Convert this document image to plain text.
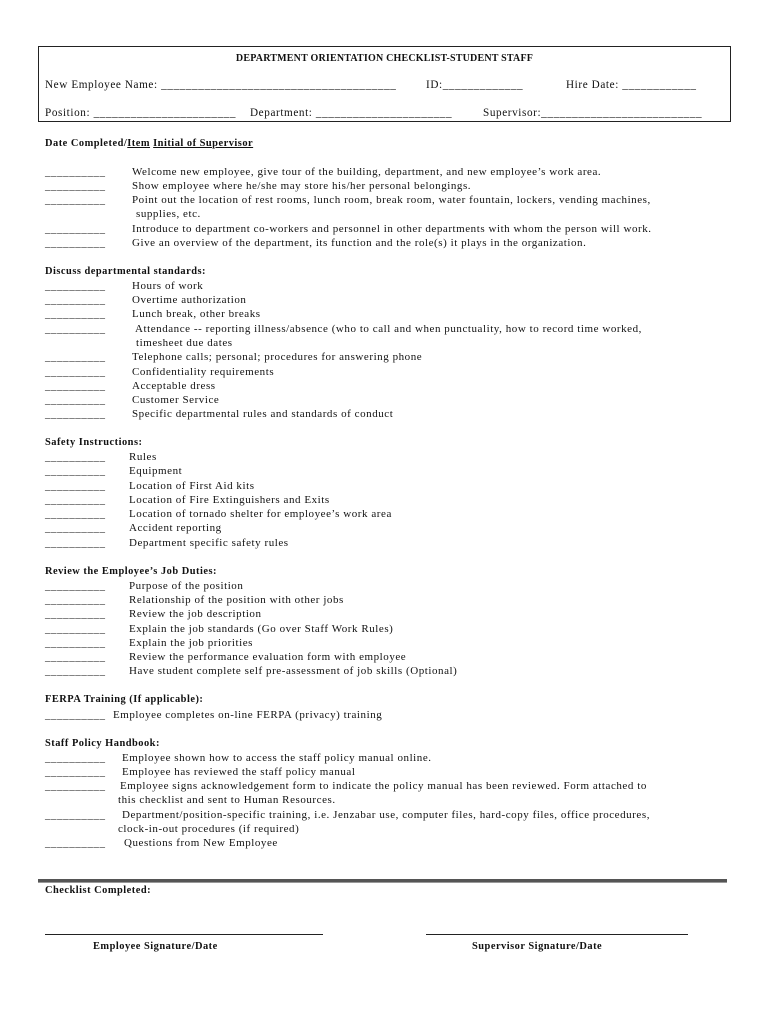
DEPARTMENT ORIENTATION CHECKLIST-STUDENT STAFF
New Employee Name: ______________________________________	ID:_____________	Hire Date: ____________
Position: _______________________ Department: ______________________	Supervisor:__________________________
Date Completed/Item Initial of Supervisor
__________ Welcome new employee, give tour of the building, department, and new employee’s work area.
__________ Show employee where he/she may store his/her personal belongings.
__________ Point out the location of rest rooms, lunch room, break room, water fountain, lockers, vending machines,
supplies, etc.
__________ Introduce to department co-workers and personnel in other departments with whom the person will work.
__________ Give an overview of the department, its function and the role(s) it plays in the organization.
Discuss departmental standards:
__________ Hours of work
__________ Overtime authorization
__________ Lunch break, other breaks
__________	Attendance -- reporting illness/absence (who to call and when punctuality, how to record time worked,
timesheet due dates
__________ Telephone calls; personal; procedures for answering phone
__________ Confidentiality requirements
__________ Acceptable dress
__________ Customer Service
__________ Specific departmental rules and standards of conduct
Safety Instructions:
__________ Rules
__________ Equipment
__________ Location of First Aid kits
__________ Location of Fire Extinguishers and Exits
__________ Location of tornado shelter for employee’s work area
__________ Accident reporting
__________ Department specific safety rules
Review the Employee’s Job Duties:
__________ Purpose of the position
__________ Relationship of the position with other jobs
__________ Review the job description
__________ Explain the job standards (Go over Staff Work Rules)
__________ Explain the job priorities
__________ Review the performance evaluation form with employee
__________ Have student complete self pre-assessment of job skills (Optional)
FERPA Training (If applicable):
__________ Employee completes on-line FERPA (privacy) training
Staff Policy Handbook:
__________ Employee shown how to access the staff policy manual online.
__________ Employee has reviewed the staff policy manual
__________ Employee signs acknowledgement form to indicate the policy manual has been reviewed. Form attached to
this checklist and sent to Human Resources.
__________ Department/position-specific training, i.e. Jenzabar use, computer files, hard-copy files, office procedures,
clock-in-out procedures (if required)
__________ Questions from New Employee
Checklist Completed:
Employee Signature/Date	Supervisor Signature/Date
